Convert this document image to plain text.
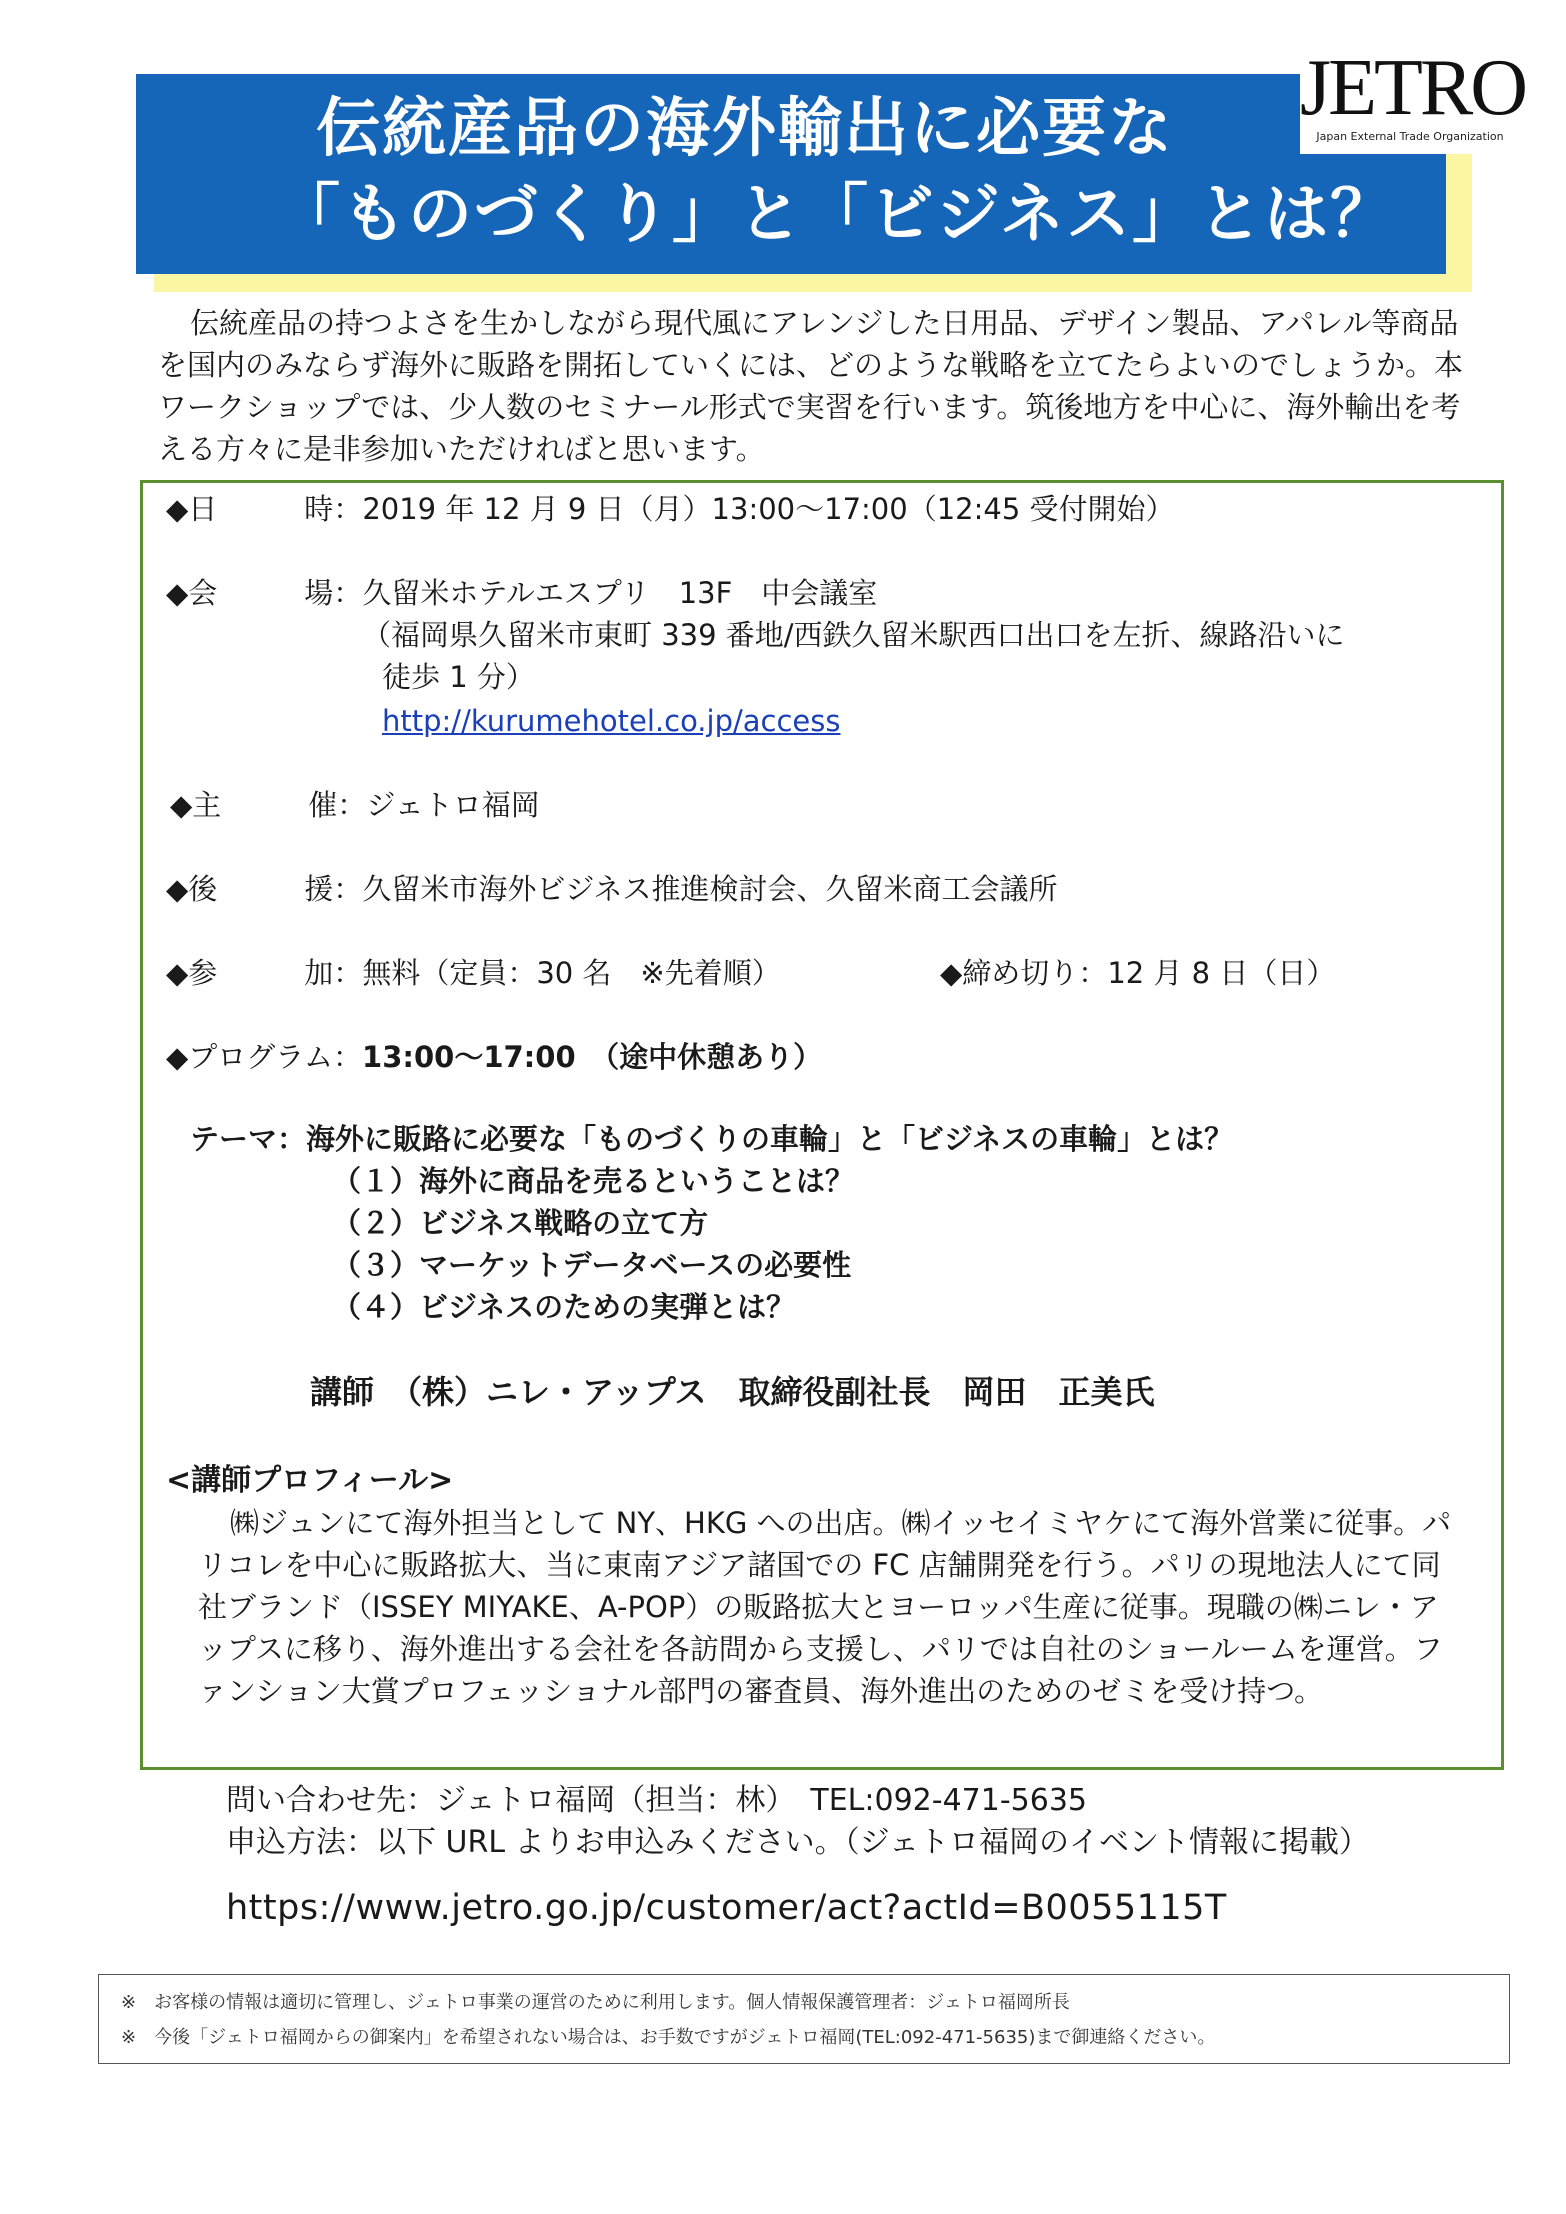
伝統産品の海外輸出に必要な
「ものづくり」と「ビジネス」とは？
JETRO
Japan External Trade Organization

伝統産品の持つよさを生かしながら現代風にアレンジした日用品、デザイン製品、アパレル等商品を国内のみならず海外に販路を開拓していくには、どのような戦略を立てたらよいのでしょうか。本ワークショップでは、少人数のセミナール形式で実習を行います。筑後地方を中心に、海外輸出を考える方々に是非参加いただければと思います。

◆日　　　時：2019 年 12 月 9 日（月）13:00～17:00（12:45 受付開始）
◆会　　　場：久留米ホテルエスプリ　13F　中会議室
（福岡県久留米市東町 339 番地/西鉄久留米駅西口出口を左折、線路沿いに
徒歩 1 分）
http://kurumehotel.co.jp/access
◆主　　　催：ジェトロ福岡
◆後　　　援：久留米市海外ビジネス推進検討会、久留米商工会議所
◆参　　　加：無料（定員：30 名　※先着順）	◆締め切り：12 月 8 日（日）
◆プログラム：13:00～17:00　（途中休憩あり）
テーマ：海外に販路に必要な「ものづくりの車輪」と「ビジネスの車輪」とは？
（１）海外に商品を売るということは？
（２）ビジネス戦略の立て方
（３）マーケットデータベースの必要性
（４）ビジネスのための実弾とは？
講師　（株）ニレ・アップス　取締役副社長　岡田　正美氏
<講師プロフィール>

㈱ジュンにて海外担当として NY、HKG への出店。㈱イッセイミヤケにて海外営業に従事。パリコレを中心に販路拡大、当に東南アジア諸国での FC 店舗開発を行う。パリの現地法人にて同社ブランド（ISSEY MIYAKE、A-POP）の販路拡大とヨーロッパ生産に従事。現職の㈱ニレ・アップスに移り、海外進出する会社を各訪問から支援し、パリでは自社のショールームを運営。ファンション大賞プロフェッショナル部門の審査員、海外進出のためのゼミを受け持つ。

問い合わせ先：ジェトロ福岡（担当：林）　TEL:092-471-5635
申込方法：以下 URL よりお申込みください。（ジェトロ福岡のイベント情報に掲載）
https://www.jetro.go.jp/customer/act?actId=B0055115T
※　お客様の情報は適切に管理し、ジェトロ事業の運営のために利用します。個人情報保護管理者：ジェトロ福岡所長
※　今後「ジェトロ福岡からの御案内」を希望されない場合は、お手数ですがジェトロ福岡(TEL:092-471-5635)まで御連絡ください。
